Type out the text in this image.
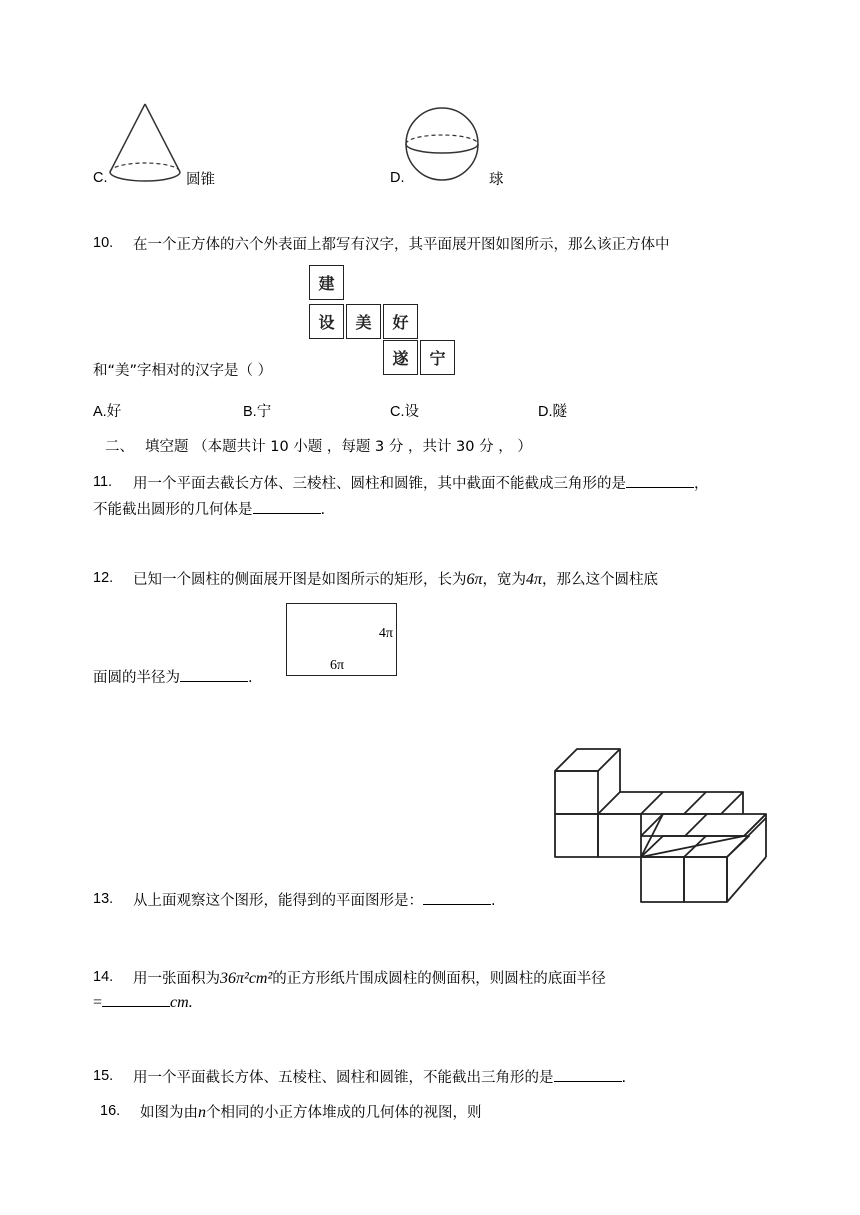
C.	圆锥	D.	球
10. 在一个正方体的六个外表面上都写有汉字，其平面展开图如图所示，那么该正方体中
建
设	美	好
遂	宁
和“美”字相对的汉字是（ ）
A.好	B.宁	C.设	D.隧
二、 填空题 （本题共计 10 小题 ，每题 3 分 ，共计 30 分 ， ）
11. 用一个平面去截长方体、三棱柱、圆柱和圆锥，其中截面不能截成三角形的是	，
不能截出圆形的几何体是	.
12. 已知一个圆柱的侧面展开图是如图所示的矩形，长为6π，宽为4π，那么这个圆柱底
4π
6π
面圆的半径为	.
13. 从上面观察这个图形，能得到的平面图形是：	.
14. 用一张面积为36π²cm²的正方形纸片围成圆柱的侧面积，则圆柱的底面半径
=	cm.
15. 用一个平面截长方体、五棱柱、圆柱和圆锥，不能截出三角形的是	.
16. 如图为由n个相同的小正方体堆成的几何体的视图，则
